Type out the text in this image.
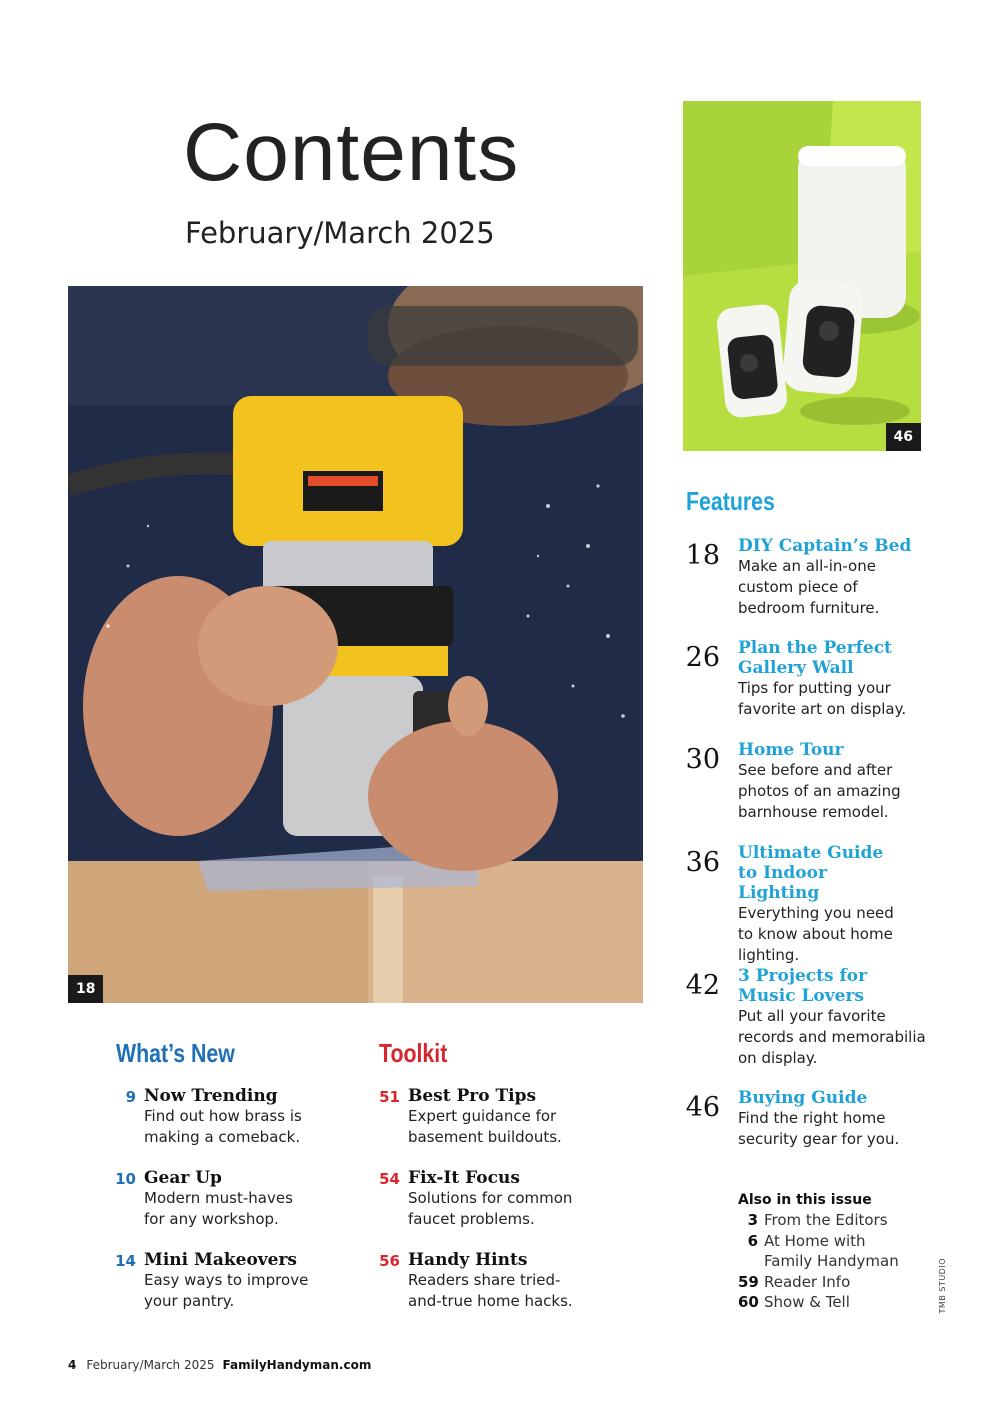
Contents
February/March 2025
46
18
What’s New
9 Now Trending
Find out how brass is making a comeback.
10 Gear Up
Modern must-haves for any workshop.
14 Mini Makeovers
Easy ways to improve your pantry.
Toolkit
51 Best Pro Tips
Expert guidance for basement buildouts.
54 Fix-It Focus
Solutions for common faucet problems.
56 Handy Hints
Readers share tried-and-true home hacks.
Features
18 DIY Captain’s Bed
Make an all-in-one custom piece of bedroom furniture.
26 Plan the Perfect Gallery Wall
Tips for putting your favorite art on display.
30 Home Tour
See before and after photos of an amazing barnhouse remodel.
36 Ultimate Guide to Indoor Lighting
Everything you need to know about home lighting.
42 3 Projects for Music Lovers
Put all your favorite records and memorabilia on display.
46 Buying Guide
Find the right home security gear for you.
Also in this issue
3 From the Editors
6 At Home with Family Handyman
59 Reader Info
60 Show & Tell	TMB STUDIO
4 February/March 2025 FamilyHandyman.com
